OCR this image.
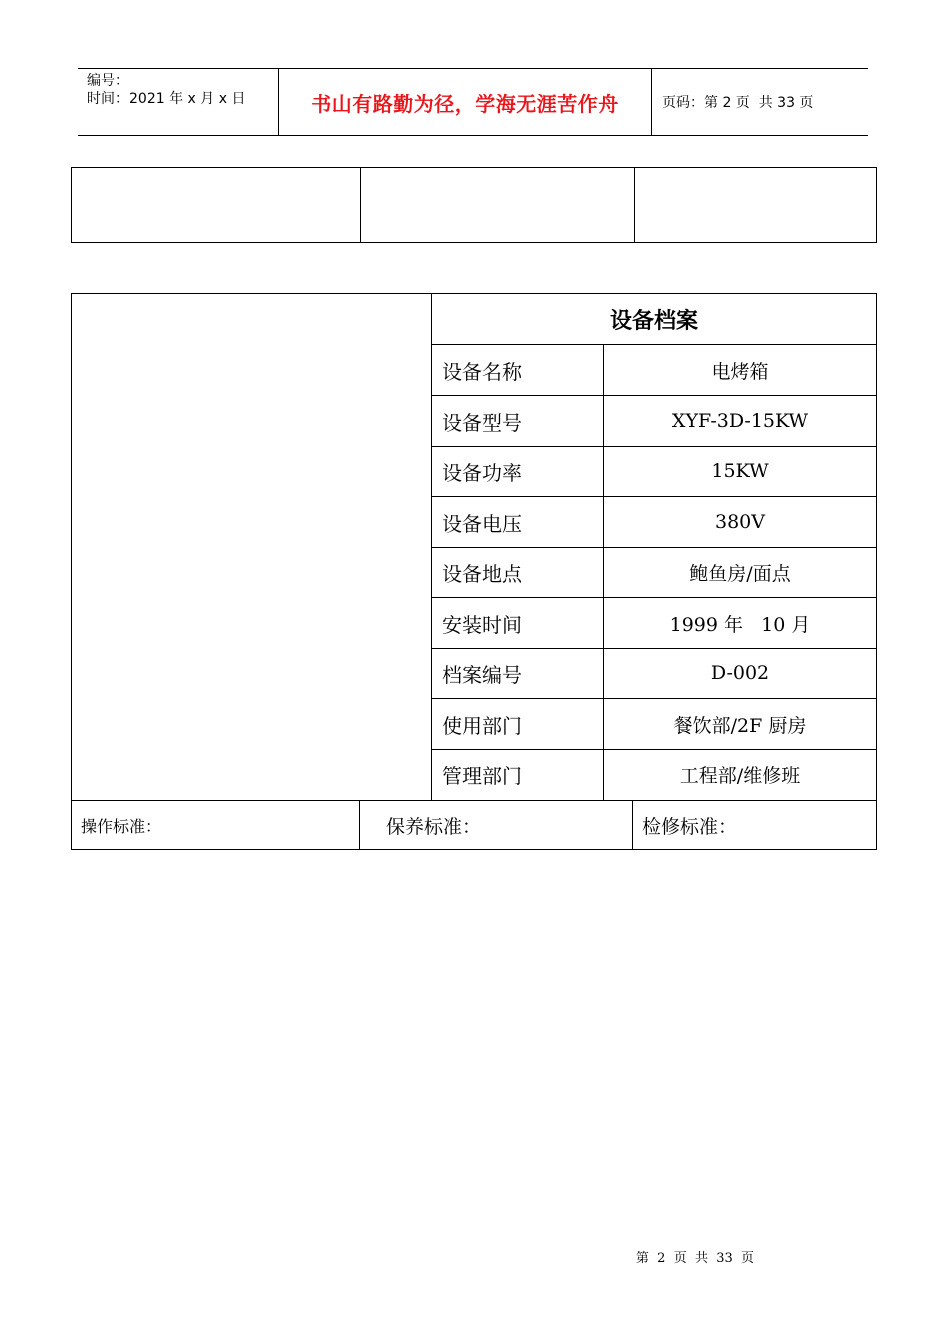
编号：
时间：2021 年 x 月 x 日	书山有路勤为径，学海无涯苦作舟	页码：第 2 页  共 33 页
设备档案
设备名称	电烤箱
设备型号	XYF-3D-15KW
设备功率	15KW
设备电压	380V
设备地点	鲍鱼房/面点
安装时间	1999 年   10 月
档案编号	D-002
使用部门	餐饮部/2F 厨房
管理部门	工程部/维修班
操作标准：	保养标准：	检修标准：
第  2  页  共  33  页
